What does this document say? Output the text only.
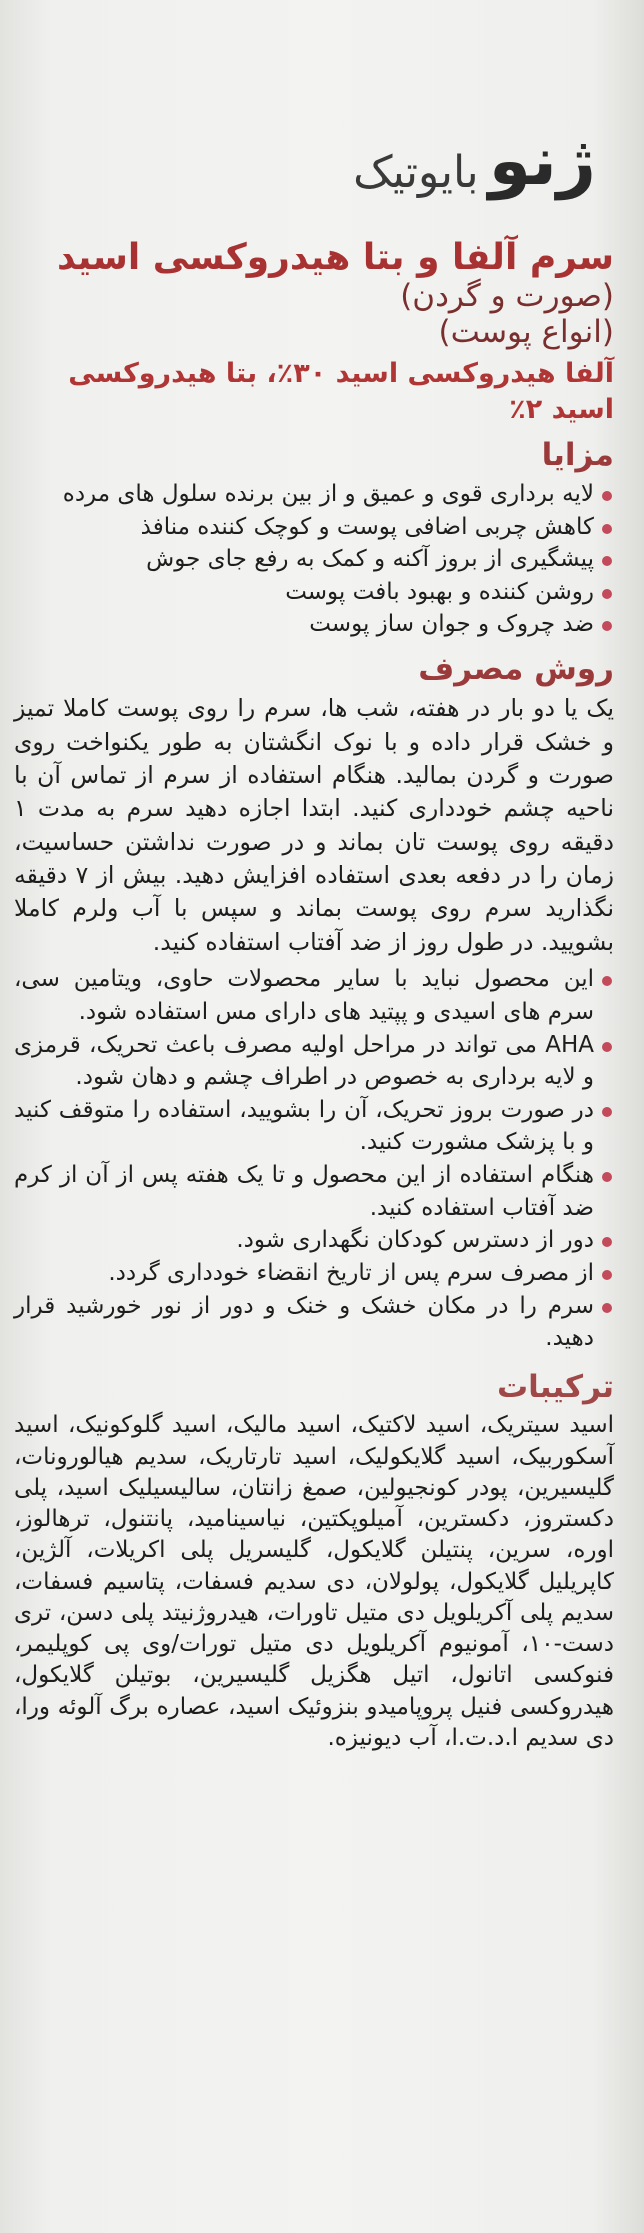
ژنو
بایوتیک
سرم آلفا و بتا هیدروکسی اسید

(صورت و گردن)

(انواع پوست)

آلفا هیدروکسی اسید ۳۰٪، بتا هیدروکسی اسید ۲٪

مزایا
لایه برداری قوی و عمیق و از بین برنده سلول های مرده
کاهش چربی اضافی پوست و کوچک کننده منافذ
پیشگیری از بروز آکنه و کمک به رفع جای جوش
روشن کننده و بهبود بافت پوست
ضد چروک و جوان ساز پوست
روش مصرف

یک یا دو بار در هفته، شب ها، سرم را روی پوست کاملا تمیز و خشک قرار داده و با نوک انگشتان به طور یکنواخت روی صورت و گردن بمالید. هنگام استفاده از سرم از تماس آن با ناحیه چشم خودداری کنید. ابتدا اجازه دهید سرم به مدت ۱ دقیقه روی پوست تان بماند و در صورت نداشتن حساسیت، زمان را در دفعه بعدی استفاده افزایش دهید. بیش از ۷ دقیقه نگذارید سرم روی پوست بماند و سپس با آب ولرم کاملا بشویید. در طول روز از ضد آفتاب استفاده کنید.

این محصول نباید با سایر محصولات حاوی، ویتامین سی، سرم های اسیدی و پپتید های دارای مس استفاده شود.
AHA می تواند در مراحل اولیه مصرف باعث تحریک، قرمزی و لایه برداری به خصوص در اطراف چشم و دهان شود.
در صورت بروز تحریک، آن را بشویید، استفاده را متوقف کنید و با پزشک مشورت کنید.
هنگام استفاده از این محصول و تا یک هفته پس از آن از کرم ضد آفتاب استفاده کنید.
دور از دسترس کودکان نگهداری شود.
از مصرف سرم پس از تاریخ انقضاء خودداری گردد.
سرم را در مکان خشک و خنک و دور از نور خورشید قرار دهید.
ترکیبات

اسید سیتریک، اسید لاکتیک، اسید مالیک، اسید گلوکونیک، اسید آسکوربیک، اسید گلایکولیک، اسید تارتاریک، سدیم هیالورونات، گلیسیرین، پودر کونجیولین، صمغ زانتان، سالیسیلیک اسید، پلی دکستروز، دکسترین، آمیلوپکتین، نیاسینامید، پانتنول، ترهالوز، اوره، سرین، پنتیلن گلایکول، گلیسریل پلی اکریلات، آلژین، کاپریلیل گلایکول، پولولان، دی سدیم فسفات، پتاسیم فسفات، سدیم پلی آکریلویل دی متیل تاورات، هیدروژنیتد پلی دسن، تری دست-۱۰، آمونیوم آکریلویل دی متیل تورات/وی پی کوپلیمر، فنوکسی اتانول، اتیل هگزیل گلیسیرین، بوتیلن گلایکول، هیدروکسی فنیل پروپامیدو بنزوئیک اسید، عصاره برگ آلوئه ورا، دی سدیم ا.د.ت.ا، آب دیونیزه.
